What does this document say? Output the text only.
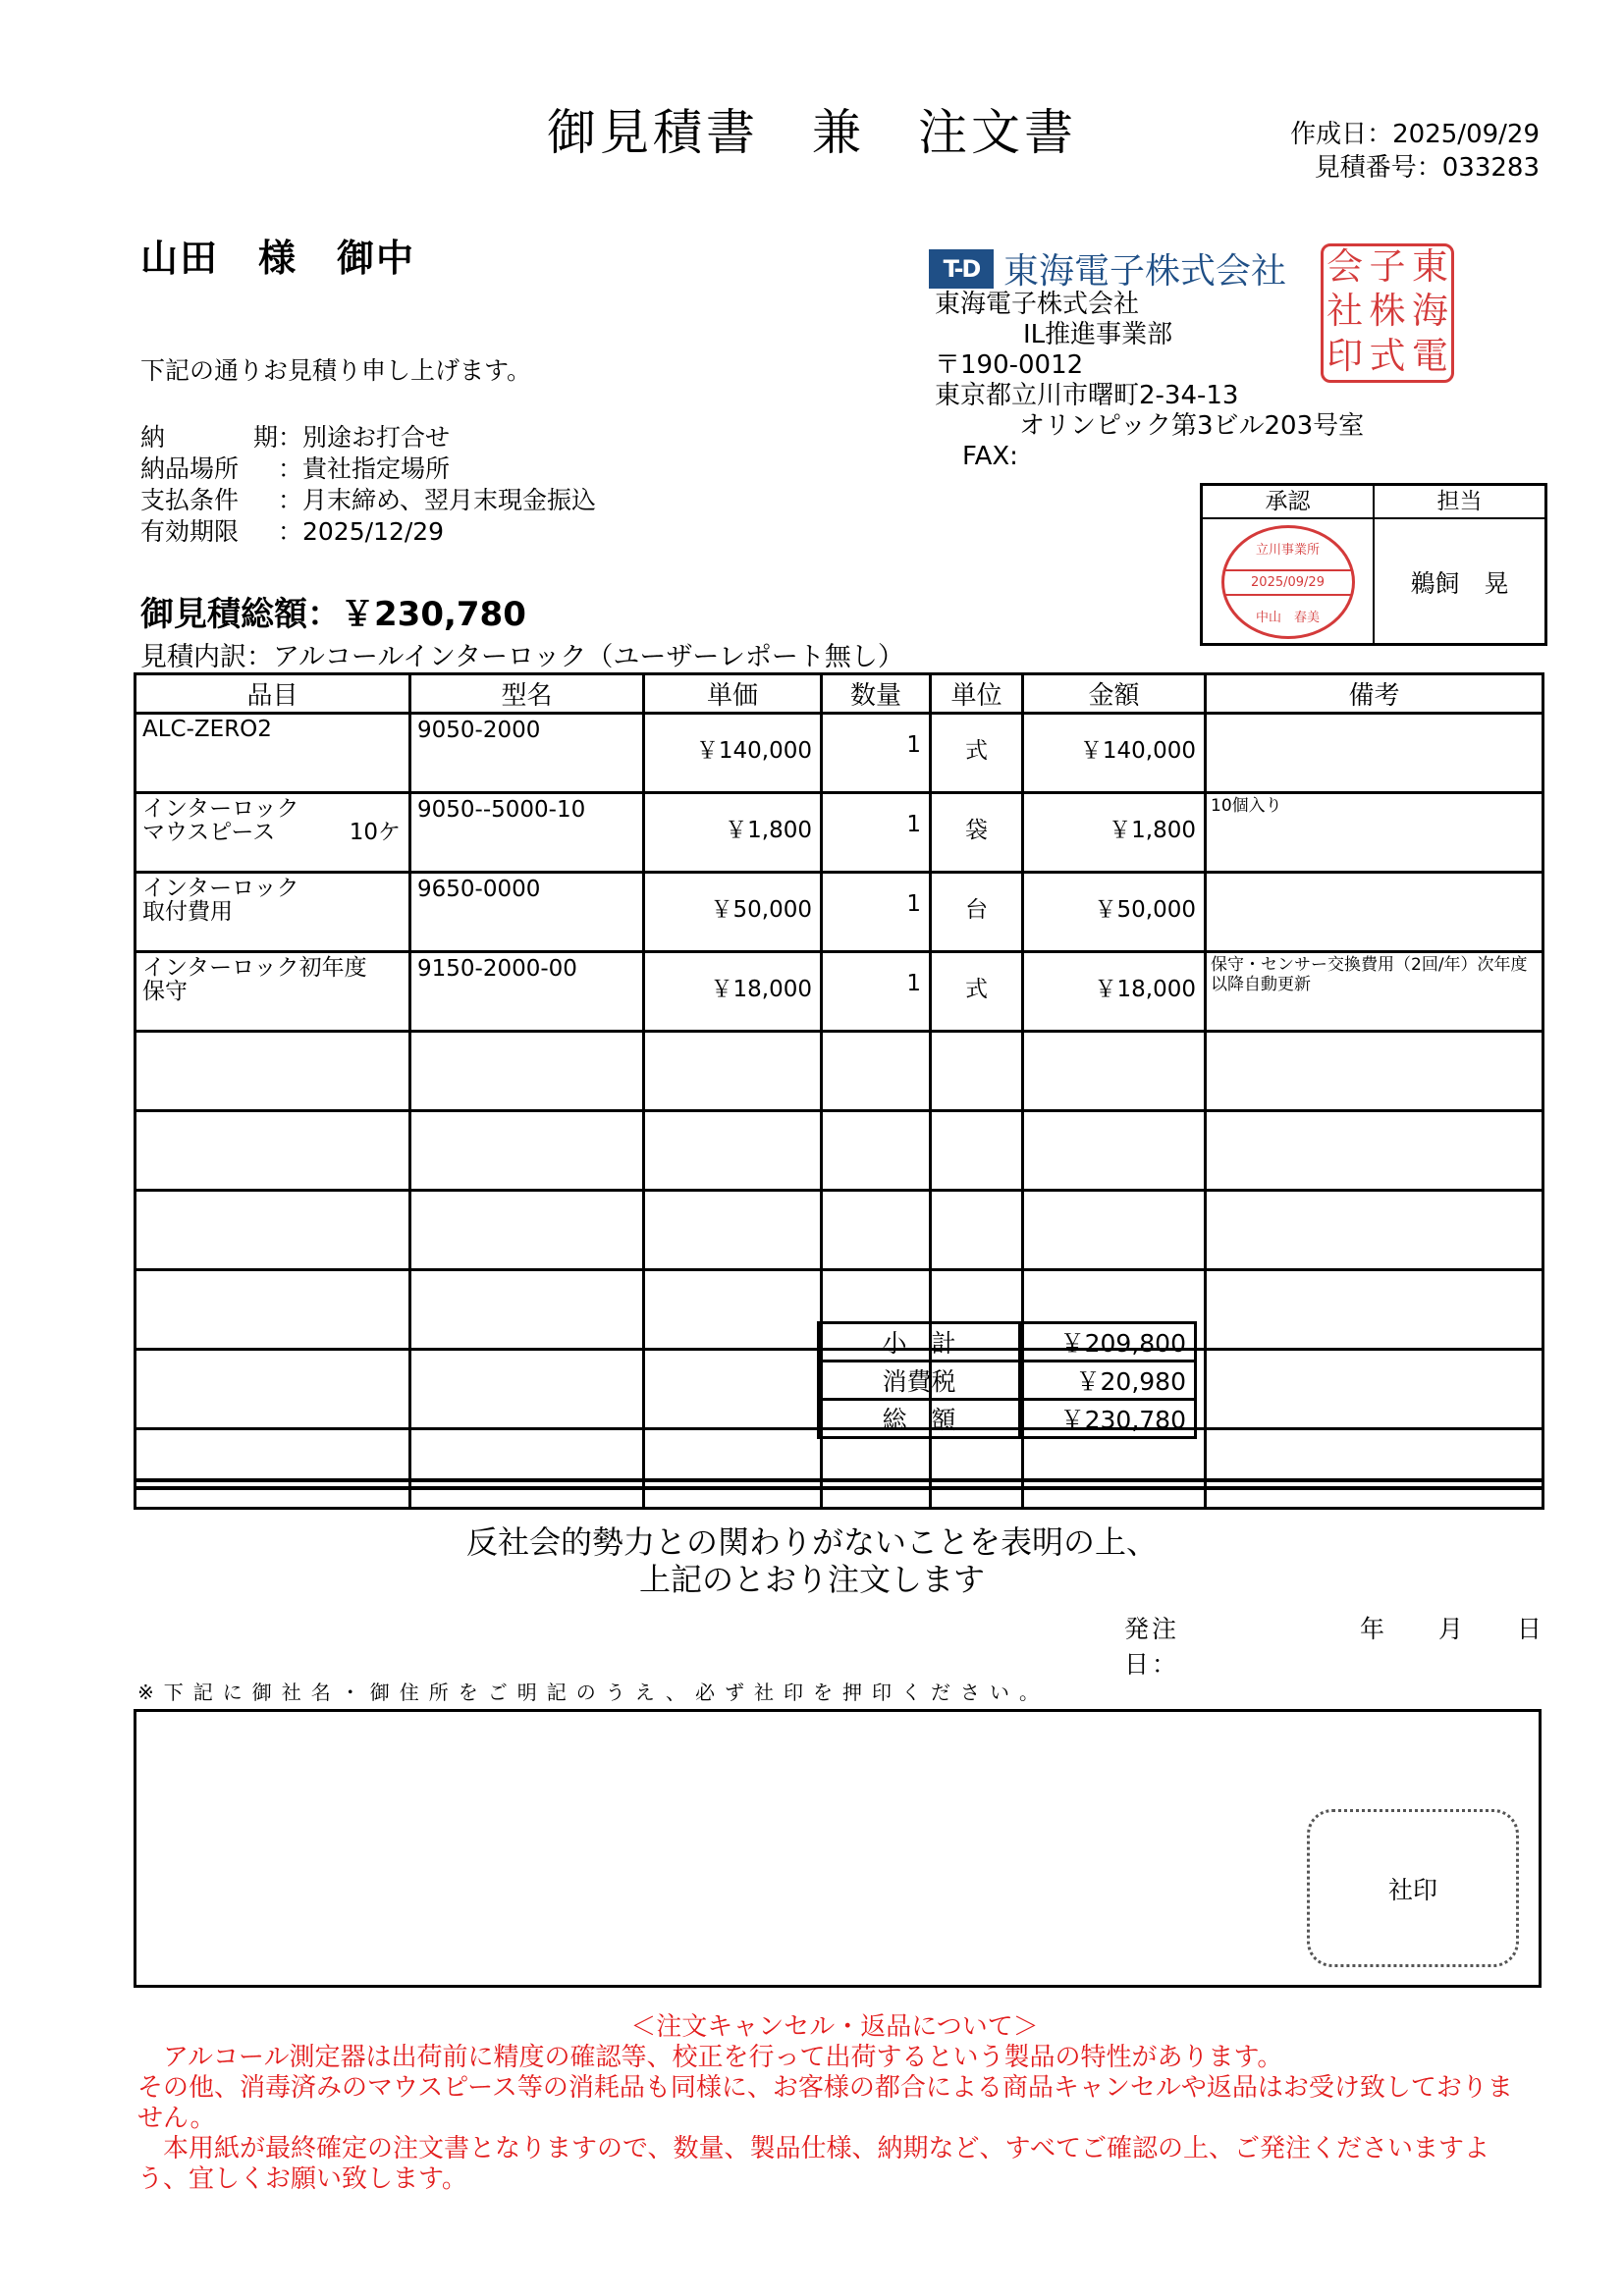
御見積書　兼　注文書	作成日：2025/09/29
見積番号：033283
山田　様　御中
下記の通りお見積り申し上げます。
納	期 ：別途お打合せ
納品場所	：貴社指定場所
支払条件	：月末締め、翌月末現金振込
有効期限	：2025/12/29
御見積総額：￥230,780
見積内訳：アルコールインターロック（ユーザーレポート無し）
T-D 東海電子株式会社
東海電子株式会社
IL推進事業部
〒190-0012
東京都立川市曙町2-34-13
オリンピック第3ビル203号室
FAX:
会 子 東
社 株 海
印 式 電
承認	担当
立川事業所
2025/09/29
中山　春美
鵜飼　晃
品目	型名	単価	数量	単位	金額	備考

ALC-ZERO2	9050-2000	￥140,000	1	式	￥140,000	

インターロック
マウスピース 10ケ	9050--5000-10	￥1,800	1	袋	￥1,800	10個入り

インターロック
取付費用	9650-0000	￥50,000	1	台	￥50,000	

インターロック初年度
保守	9150-2000-00	￥18,000	1	式	￥18,000	保守・センサー交換費用（2回/年）次年度以降自動更新

小　計	￥209,800
消費税	￥20,980
総　額	￥230,780
反社会的勢力との関わりがないことを表明の上、
上記のとおり注文します
発注日：
年 月 日
※下記に御社名・御住所をご明記のうえ、必ず社印を押印ください。
社印
＜注文キャンセル・返品について＞

　アルコール測定器は出荷前に精度の確認等、校正を行って出荷するという製品の特性があります。

その他、消毒済みのマウスピース等の消耗品も同様に、お客様の都合による商品キャンセルや返品はお受け致しておりません。

　本用紙が最終確定の注文書となりますので、数量、製品仕様、納期など、すべてご確認の上、ご発注くださいますよう、宜しくお願い致します。
